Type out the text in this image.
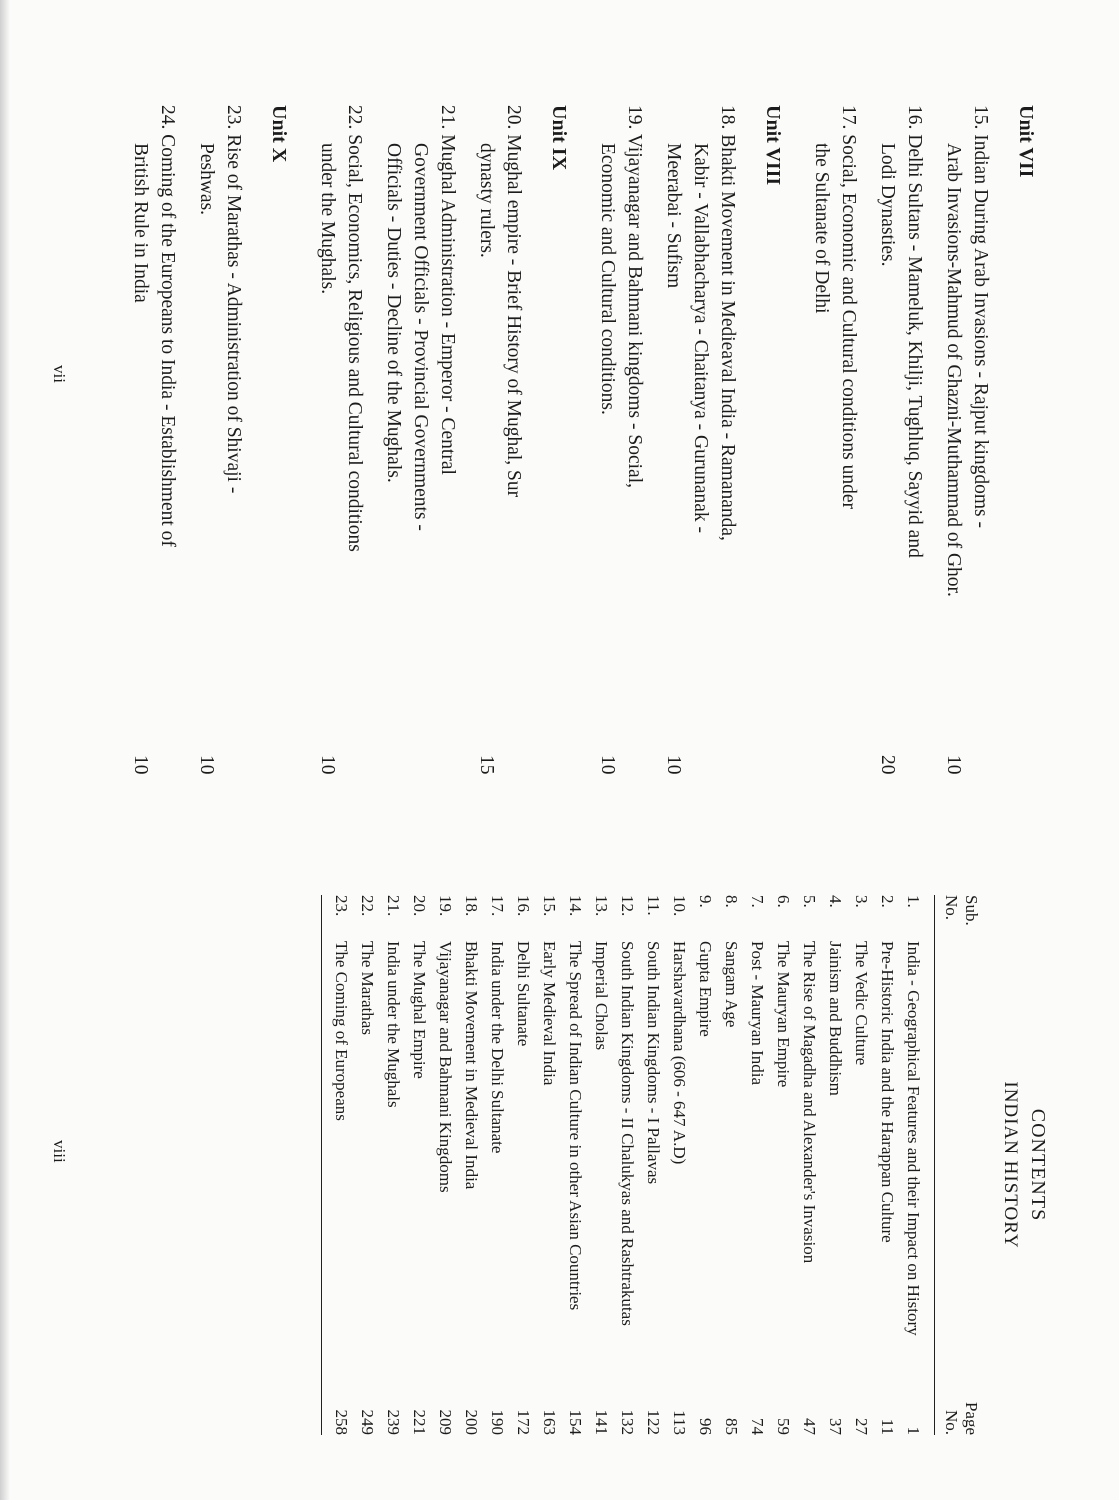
Unit VII
15. Indian During Arab Invasions - Rajput kingdoms -
Arab Invasions-Mahmud of Ghazni-Muthammad of Ghor.
10
16. Delhi Sultans - Mameluk, Khilji, Tughluq, Sayyid and
Lodi Dynasties.
20
17. Social, Economic and Cultural conditions under
the Sultanate of Delhi
Unit VIII
18. Bhakti Movement in Medieaval India - Ramananda,
Kabir - Vallabhacharya - Chaitanya - Gurunanak -
Meerabai - Sufism
10
19. Vijayanagar and Bahmani kingdoms - Social,
Economic and Cultural conditions.
10
Unit IX
20. Mughal empire - Brief History of Mughal, Sur
dynasty rulers.
15
21. Mughal Administration - Emperor - Central
Government Officials - Provincial Governments -
Officials - Duties - Decline of the Mughals.
22. Social, Economics, Religious and Cultural conditions
under the Mughals.
10
Unit X
23. Rise of Marathas - Administration of Shivaji -
Peshwas.
10
24. Coming of the Europeans to India - Establishment of
British Rule in India
10
vii
CONTENTS
INDIAN HISTORY
Sub.
No.		Page
No.
1.	India - Geographical Features and their Impact on History	1
2.	Pre-Historic India and the Harappan Culture	11
3.	The Vedic Culture	27
4.	Jainism and Buddhism	37
5.	The Rise of Magadha and Alexander's Invasion	47
6.	The Mauryan Empire	59
7.	Post - Mauryan India	74
8.	Sangam Age	85
9.	Gupta Empire	96
10.	Harshavardhana (606 - 647 A.D)	113
11.	South Indian Kingdoms - I Pallavas	122
12.	South Indian Kingdoms - II Chalukyas and Rashtrakutas	132
13.	Imperial Cholas	141
14.	The Spread of Indian Culture in other Asian Countries	154
15.	Early Medieval India	163
16.	Delhi Sultanate	172
17.	India under the Delhi Sultanate	190
18.	Bhakti Movement in Medieval India	200
19.	Vijayanagar and Bahmani Kingdoms	209
20.	The Mughal Empire	221
21.	India under the Mughals	239
22.	The Marathas	249
23.	The Coming of Europeans	258
viii
